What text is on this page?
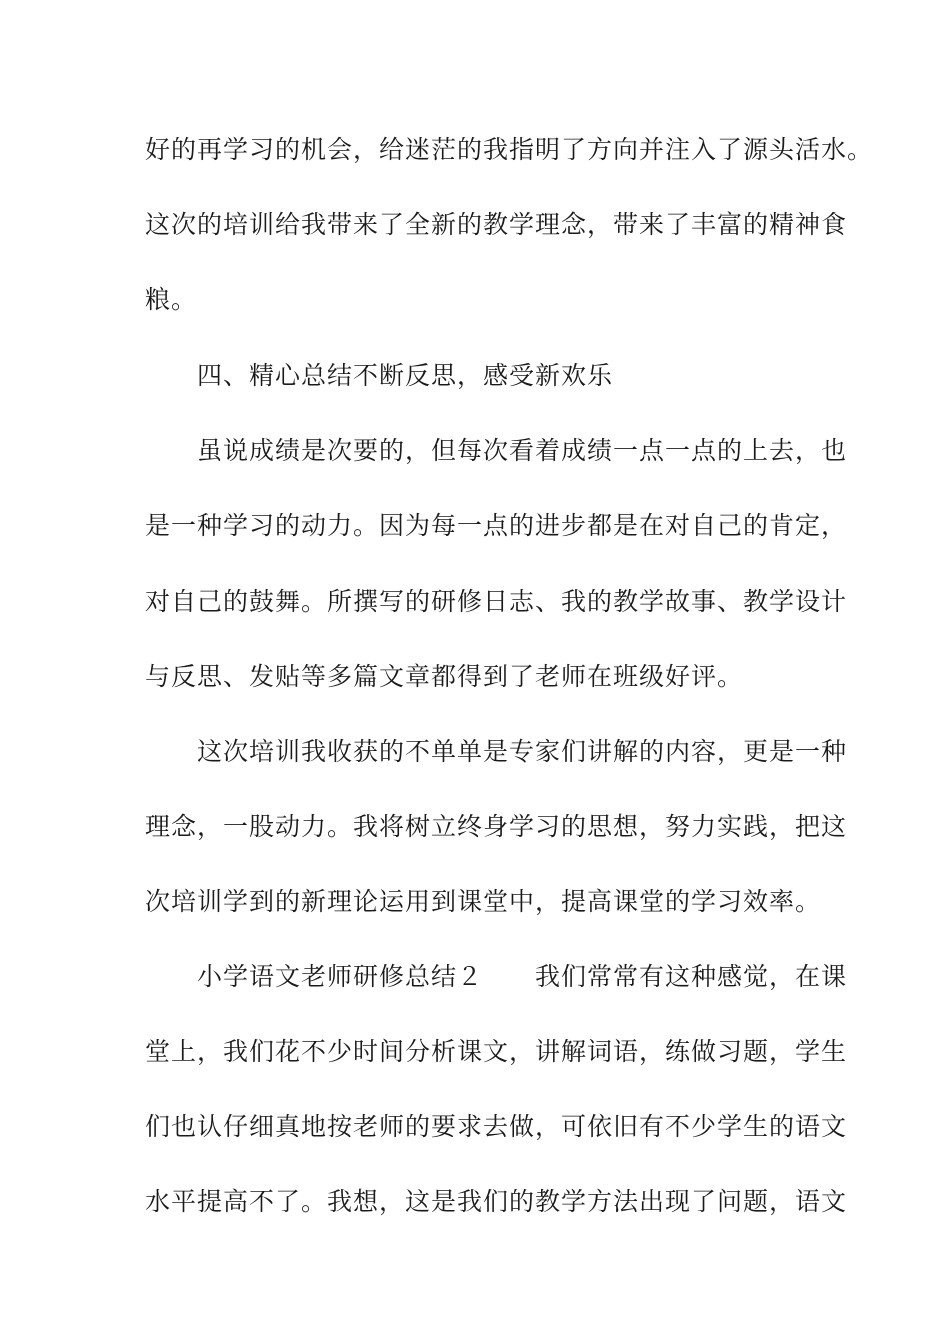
好的再学习的机会，给迷茫的我指明了方向并注入了源头活水。
这次的培训给我带来了全新的教学理念，带来了丰富的精神食
粮。
　　四、精心总结不断反思，感受新欢乐
　　虽说成绩是次要的，但每次看着成绩一点一点的上去，也
是一种学习的动力。因为每一点的进步都是在对自己的肯定，
对自己的鼓舞。所撰写的研修日志、我的教学故事、教学设计
与反思、发贴等多篇文章都得到了老师在班级好评。
　　这次培训我收获的不单单是专家们讲解的内容，更是一种
理念，一股动力。我将树立终身学习的思想，努力实践，把这
次培训学到的新理论运用到课堂中，提高课堂的学习效率。
　　小学语文老师研修总结２　　我们常常有这种感觉，在课
堂上，我们花不少时间分析课文，讲解词语，练做习题，学生
们也认仔细真地按老师的要求去做，可依旧有不少学生的语文
水平提高不了。我想，这是我们的教学方法出现了问题，语文
